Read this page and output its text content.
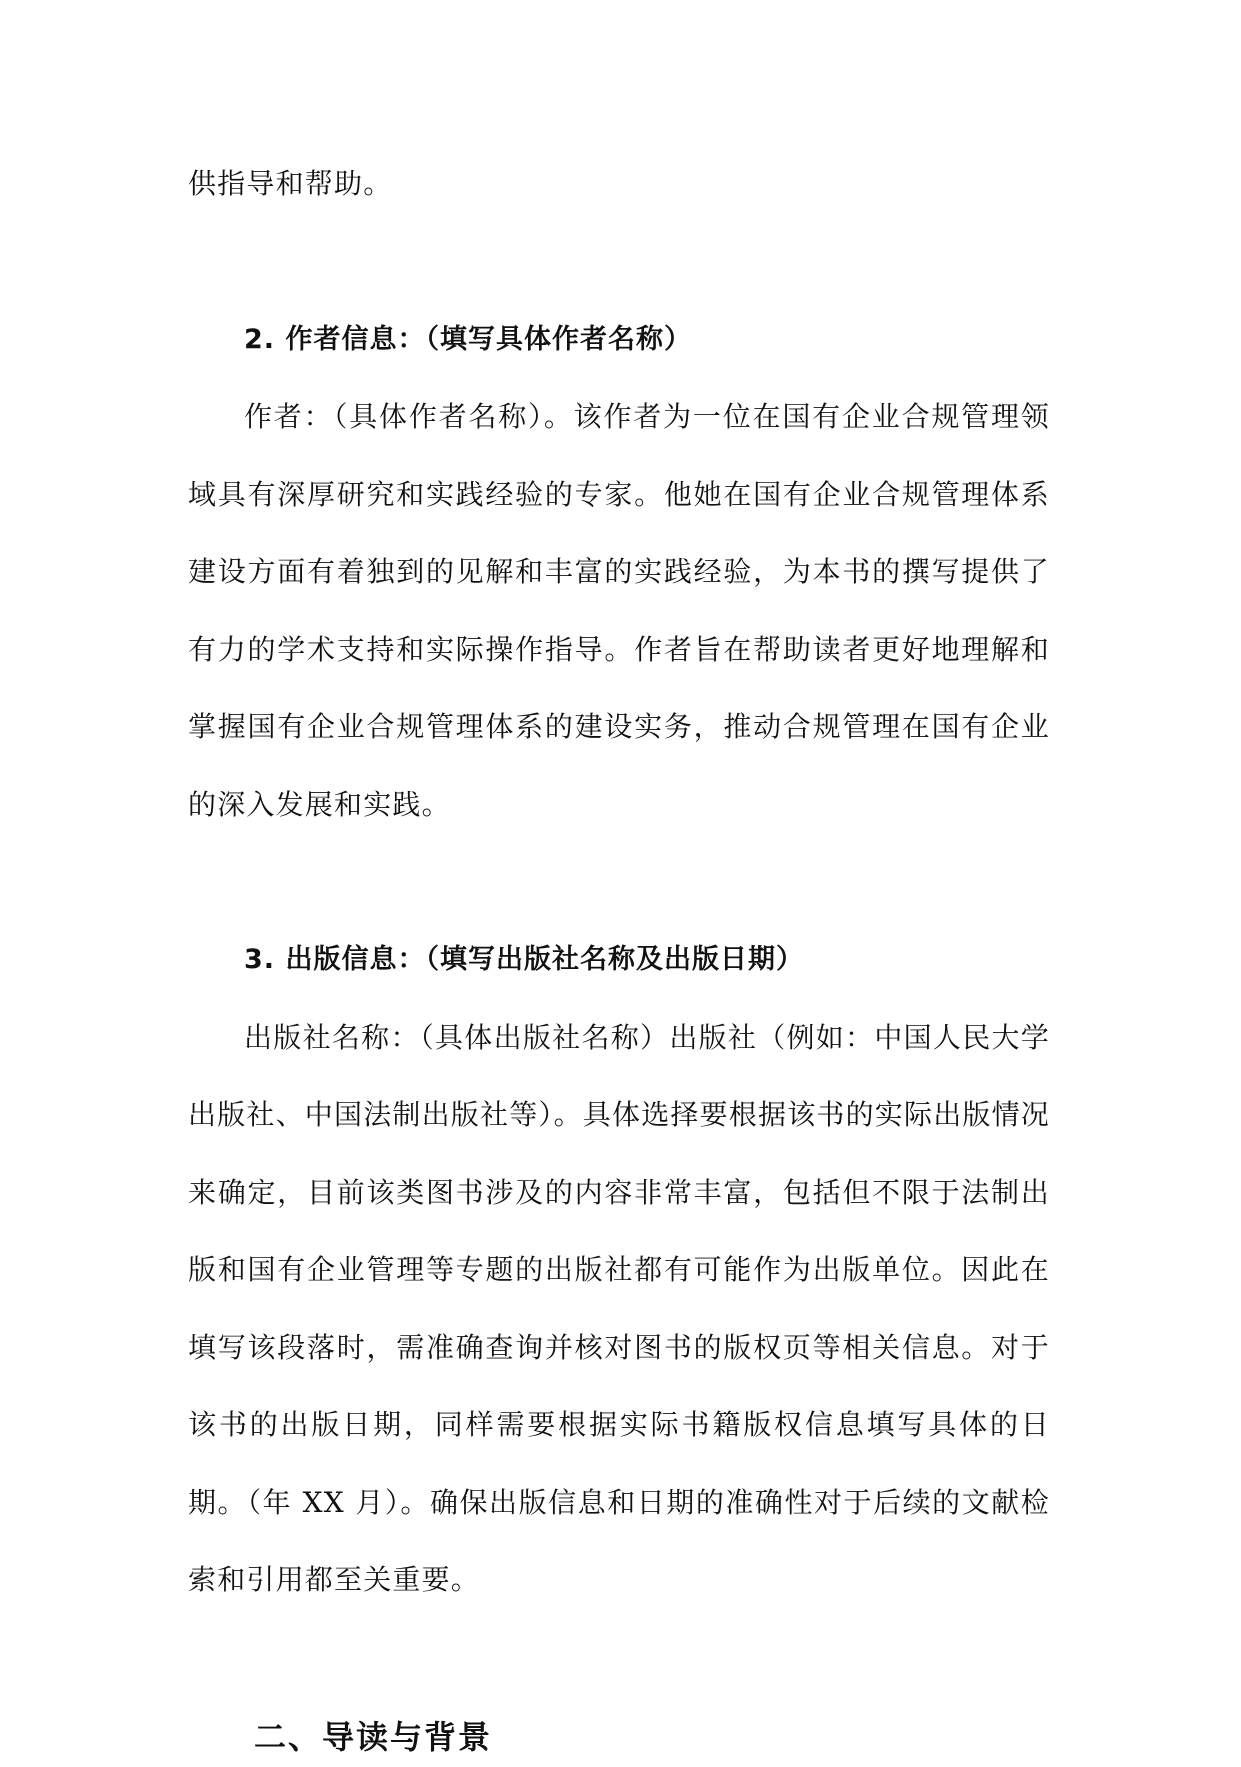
供指导和帮助。

2. 作者信息：（填写具体作者名称）

作者：（具体作者名称）。该作者为一位在国有企业合规管理领域具有深厚研究和实践经验的专家。他她在国有企业合规管理体系建设方面有着独到的见解和丰富的实践经验，为本书的撰写提供了有力的学术支持和实际操作指导。作者旨在帮助读者更好地理解和掌握国有企业合规管理体系的建设实务，推动合规管理在国有企业的深入发展和实践。

3. 出版信息：（填写出版社名称及出版日期）

出版社名称：（具体出版社名称）出版社（例如：中国人民大学出版社、中国法制出版社等）。具体选择要根据该书的实际出版情况来确定，目前该类图书涉及的内容非常丰富，包括但不限于法制出版和国有企业管理等专题的出版社都有可能作为出版单位。因此在填写该段落时，需准确查询并核对图书的版权页等相关信息。对于该书的出版日期，同样需要根据实际书籍版权信息填写具体的日期。（年 XX 月）。确保出版信息和日期的准确性对于后续的文献检索和引用都至关重要。

二、导读与背景
